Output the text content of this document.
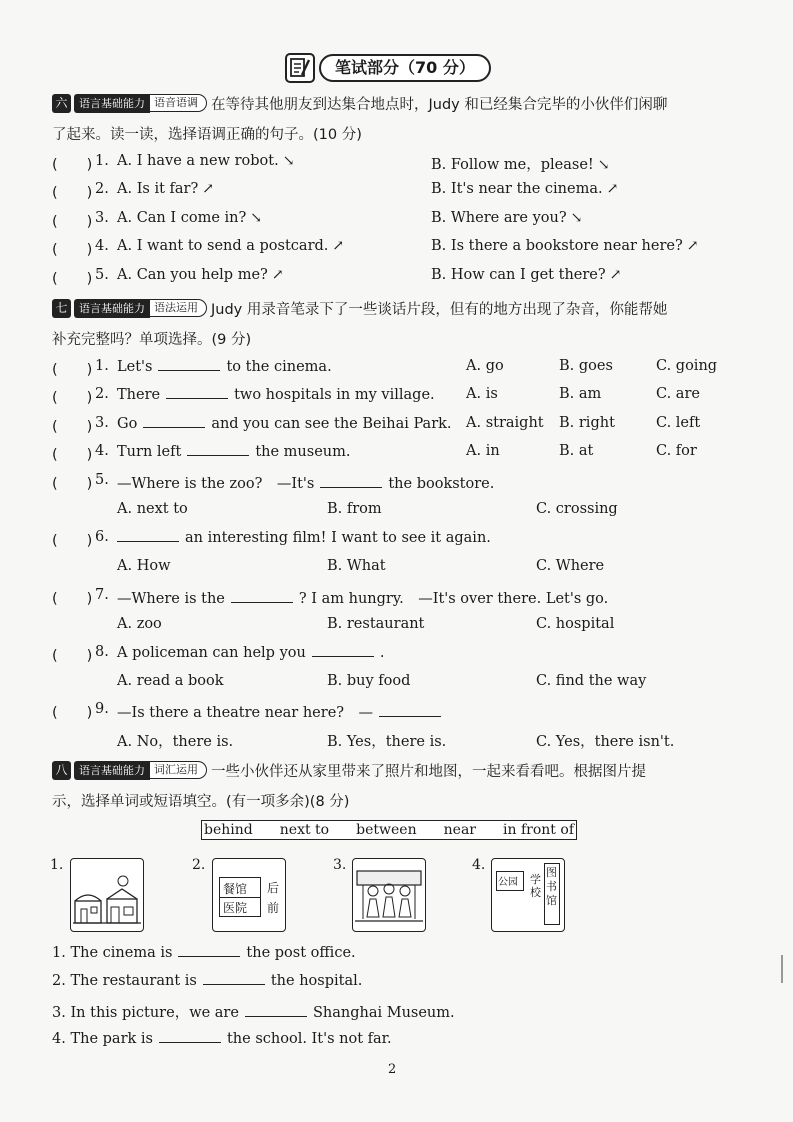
笔试部分（70 分）
六	语言基础能力 语音语调 在等待其他朋友到达集合地点时，Judy 和已经集合完毕的小伙伴们闲聊
了起来。读一读，选择语调正确的句子。(10 分)
(　　) 1. A. I have a new robot. ↘	B. Follow me，please! ↘
(　　) 2. A. Is it far? ↗	B. It's near the cinema. ↗
(　　) 3. A. Can I come in? ↘	B. Where are you? ↘
(　　) 4. A. I want to send a postcard. ↗	B. Is there a bookstore near here? ↗
(　　) 5. A. Can you help me? ↗	B. How can I get there? ↗
七	语言基础能力 语法运用 Judy 用录音笔录下了一些谈话片段，但有的地方出现了杂音，你能帮她
补充完整吗？单项选择。(9 分)
(　　) 1. Let's	to the cinema.	A. go	B. goes	C. going
(　　) 2. There	two hospitals in my village. A. is	B. am	C. are
(　　) 3. Go	and you can see the Beihai Park. A. straight B. right	C. left
(　　) 4. Turn left	the museum.	A. in	B. at	C. for
(　　) 5. —Where is the zoo?　—It's	the bookstore.
A. next to	B. from	C. crossing
(　　) 6.	an interesting film! I want to see it again.
A. How	B. What	C. Where
(　　) 7. —Where is the	? I am hungry.　—It's over there. Let's go.
A. zoo	B. restaurant	C. hospital
(　　) 8. A policeman can help you	.
A. read a book	B. buy food	C. find the way
(　　) 9. —Is there a theatre near here?　—
A. No，there is.	B. Yes，there is.	C. Yes，there isn't.
八	语言基础能力 词汇运用 一些小伙伴还从家里带来了照片和地图，一起来看看吧。根据图片提
示，选择单词或短语填空。(有一项多余)(8 分)
behind next to between near in front of
1.	2.
餐馆
医院
后
前
3.	4.
公园 学校
图书馆
1. The cinema is	the post office.
2. The restaurant is	the hospital.
3. In this picture，we are	Shanghai Museum.
4. The park is	the school. It's not far.
2
